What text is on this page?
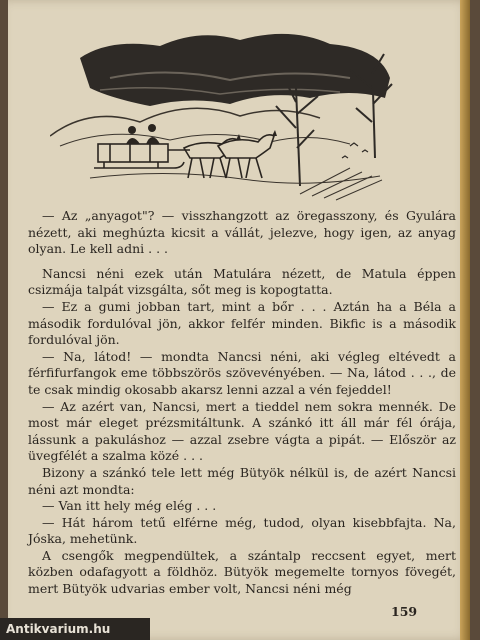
— Az „anyagot"? — visszhangzott az öregasszony, és Gyulára nézett, aki meghúzta kicsit a vállát, jelezve, hogy igen, az anyag olyan. Le kell adni . . .

Nancsi néni ezek után Matulára nézett, de Matula éppen csizmája talpát vizsgálta, sőt meg is kopogtatta.

— Ez a gumi jobban tart, mint a bőr . . . Aztán ha a Béla a második fordulóval jön, akkor felfér minden. Bikfic is a második fordulóval jön.

— Na, látod! — mondta Nancsi néni, aki végleg eltévedt a férfifurfangok eme többszörös szövevényében. — Na, látod . . ., de te csak mindig okosabb akarsz lenni azzal a vén fejeddel!

— Az azért van, Nancsi, mert a tieddel nem sokra mennék. De most már eleget prézsmitáltunk. A szánkó itt áll már fél órája, lássunk a pakuláshoz — azzal zsebre vágta a pipát. — Először az üvegfélét a szalma közé . . .

Bizony a szánkó tele lett még Bütyök nélkül is, de azért Nancsi néni azt mondta:

— Van itt hely még elég . . .

— Hát három tetű elférne még, tudod, olyan kisebbfajta. Na, Jóska, mehetünk.

A csengők megpendültek, a szántalp reccsent egyet, mert közben odafagyott a földhöz. Bütyök megemelte tornyos fövegét, mert Bütyök udvarias ember volt, Nancsi néni még

159
Antikvarium.hu
